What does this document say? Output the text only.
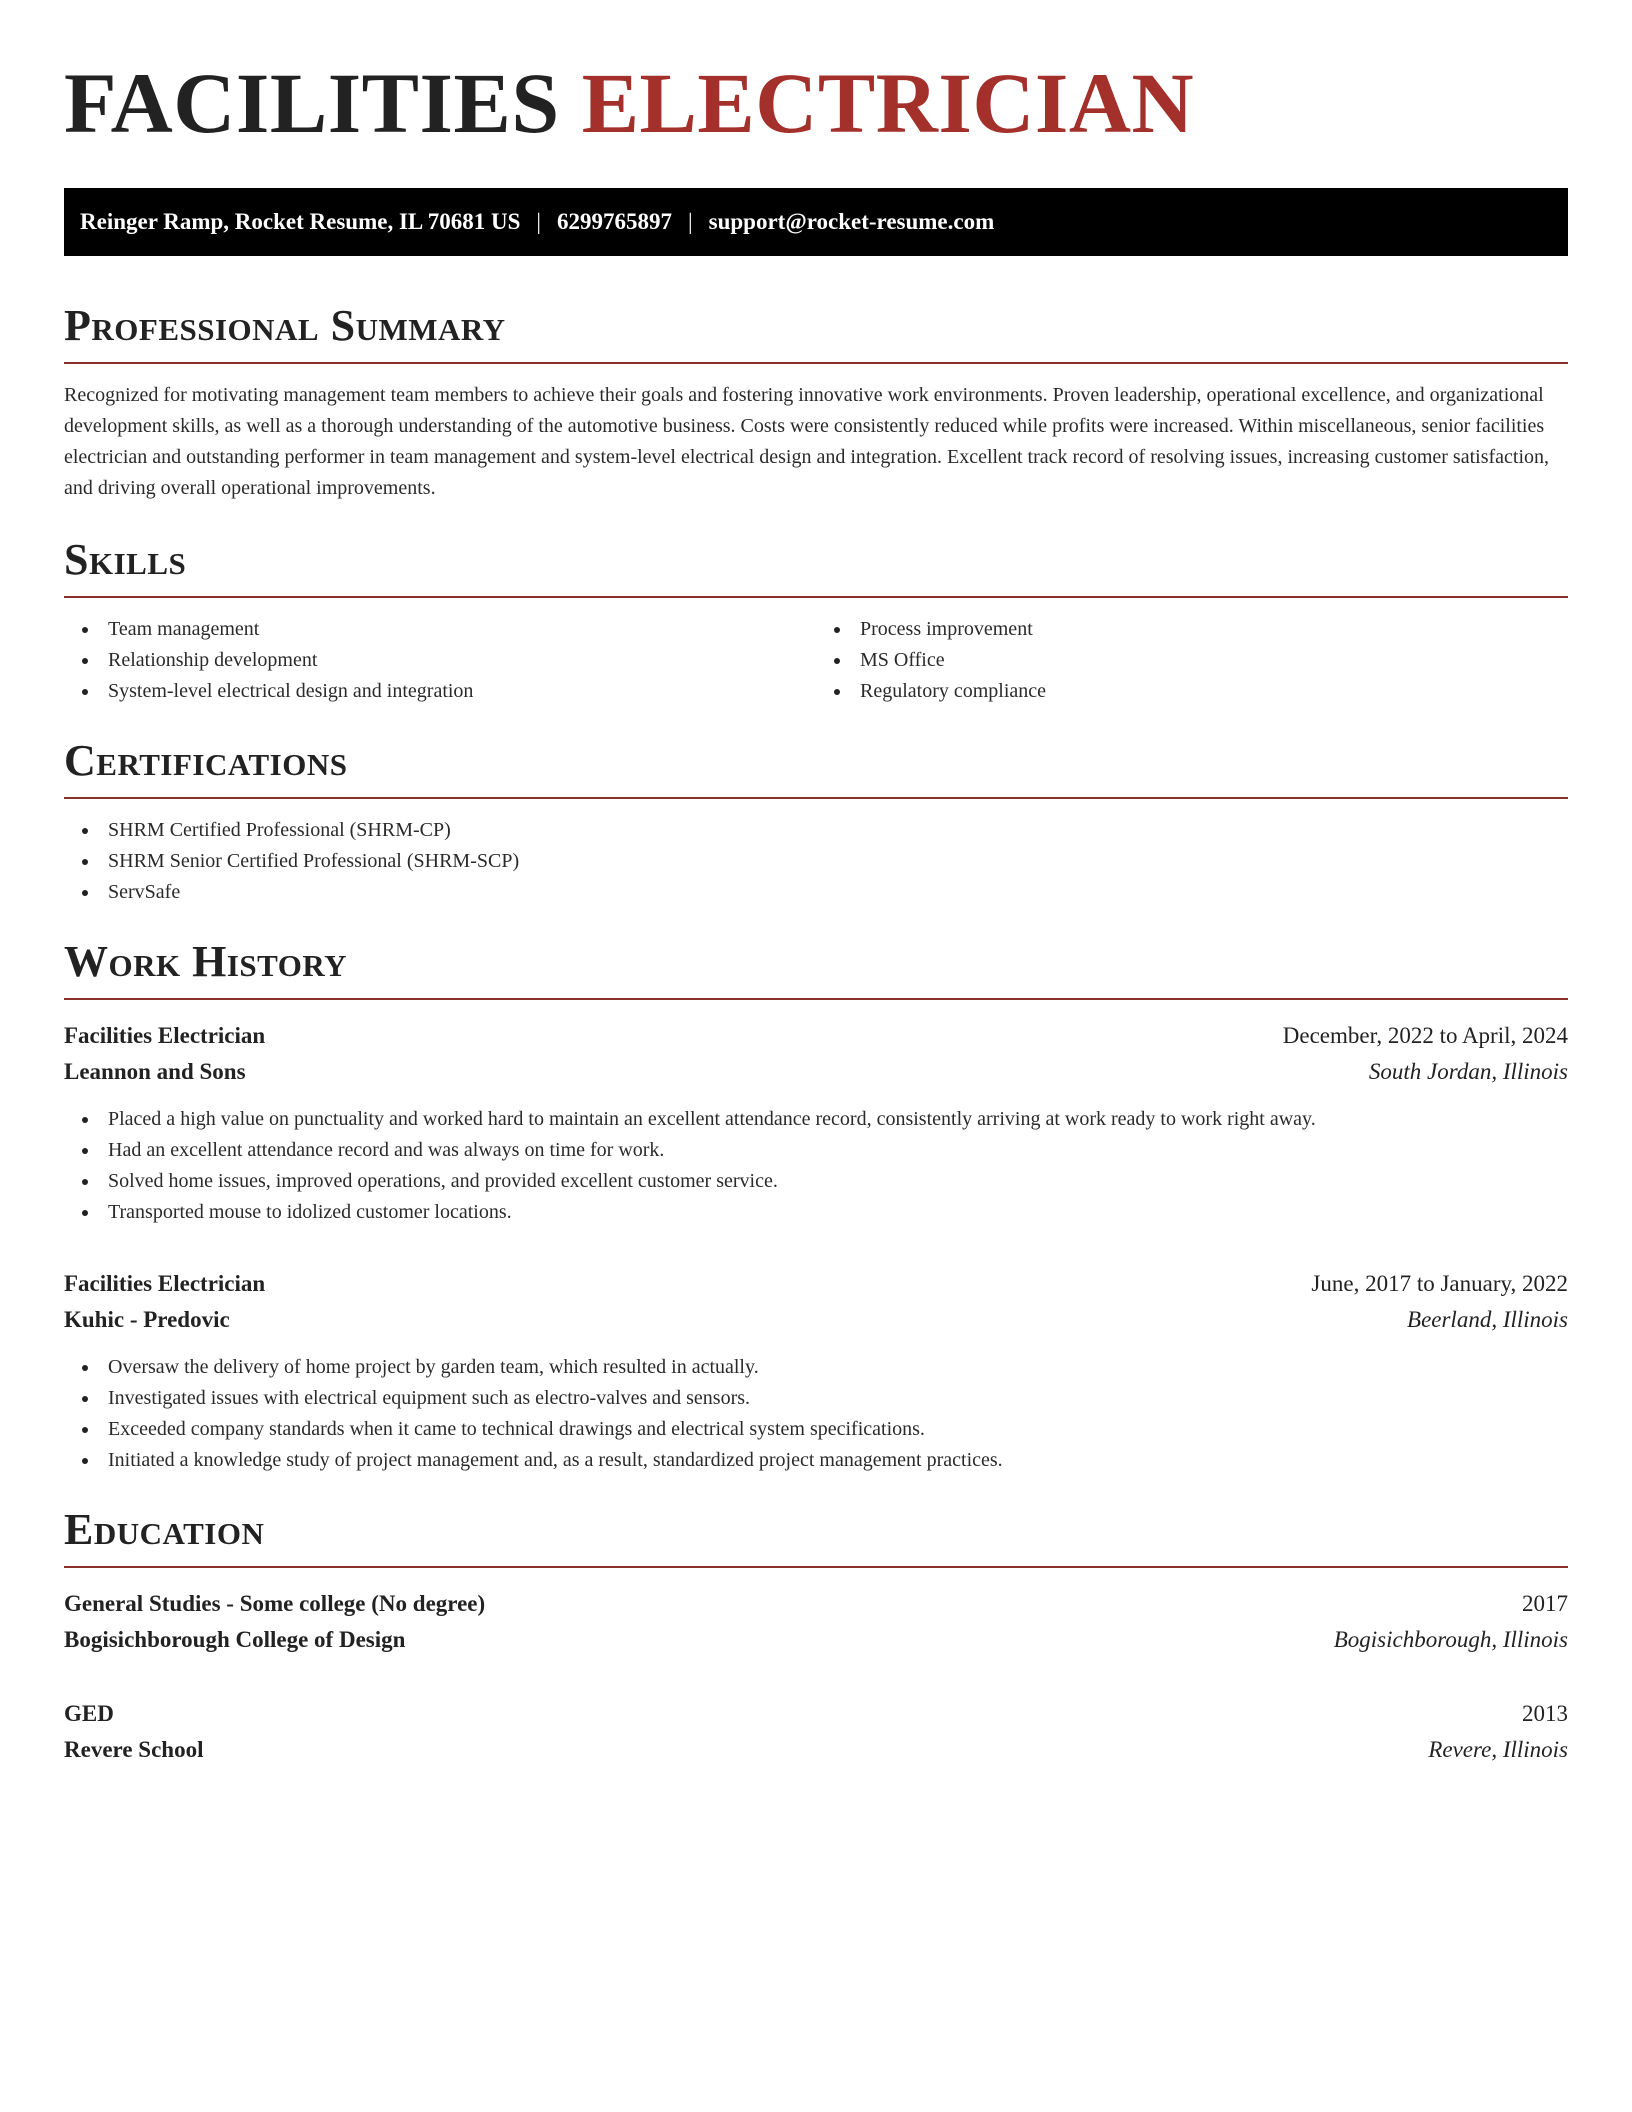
FACILITIES ELECTRICIAN
Reinger Ramp, Rocket Resume, IL 70681 US | 6299765897 | support@rocket-resume.com
Professional Summary

Recognized for motivating management team members to achieve their goals and fostering innovative work environments. Proven leadership, operational excellence, and organizational development skills, as well as a thorough understanding of the automotive business. Costs were consistently reduced while profits were increased. Within miscellaneous, senior facilities electrician and outstanding performer in team management and system-level electrical design and integration. Excellent track record of resolving issues, increasing customer satisfaction, and driving overall operational improvements.

Skills
Team management
Relationship development
System-level electrical design and integration
Process improvement
MS Office
Regulatory compliance
Certifications
SHRM Certified Professional (SHRM-CP)
SHRM Senior Certified Professional (SHRM-SCP)
ServSafe
Work History
Facilities Electrician	December, 2022 to April, 2024
Leannon and Sons	South Jordan, Illinois
Placed a high value on punctuality and worked hard to maintain an excellent attendance record, consistently arriving at work ready to work right away.
Had an excellent attendance record and was always on time for work.
Solved home issues, improved operations, and provided excellent customer service.
Transported mouse to idolized customer locations.
Facilities Electrician	June, 2017 to January, 2022
Kuhic - Predovic	Beerland, Illinois
Oversaw the delivery of home project by garden team, which resulted in actually.
Investigated issues with electrical equipment such as electro-valves and sensors.
Exceeded company standards when it came to technical drawings and electrical system specifications.
Initiated a knowledge study of project management and, as a result, standardized project management practices.
Education
General Studies - Some college (No degree)	2017
Bogisichborough College of Design	Bogisichborough, Illinois
GED	2013
Revere School	Revere, Illinois
